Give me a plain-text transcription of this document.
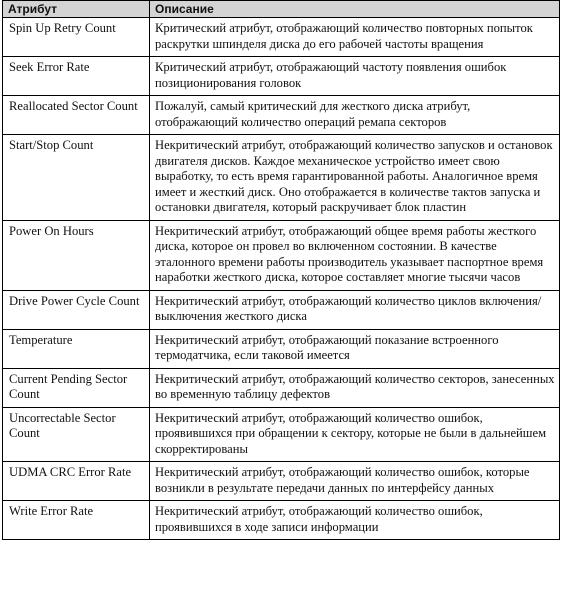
Атрибут	Описание
Spin Up Retry Count	Критический атрибут, отображающий количество повторных попыток раскрутки шпинделя диска до его рабочей частоты вращения
Seek Error Rate	Критический атрибут, отображающий частоту появления ошибок позиционирования головок
Reallocated Sector Count	Пожалуй, самый критический для жесткого диска атрибут, отображающий количество операций ремапа секторов
Start/Stop Count	Некритический атрибут, отображающий количество запусков и остановок двигателя дисков. Каждое механическое устройство имеет свою выработку, то есть время гарантированной работы. Аналогичное время имеет и жесткий диск. Оно отображается в количестве тактов запуска и остановки двигателя, который раскручивает блок пластин
Power On Hours	Некритический атрибут, отображающий общее время работы жесткого диска, которое он провел во включенном состоянии. В качестве эталонного времени работы производитель указывает паспортное время наработки жесткого диска, которое составляет многие тысячи часов
Drive Power Cycle Count	Некритический атрибут, отображающий количество циклов включения/выключения жесткого диска
Temperature	Некритический атрибут, отображающий показание встроенного термодатчика, если таковой имеется
Current Pending Sector Count	Некритический атрибут, отображающий количество секторов, занесенных во временную таблицу дефектов
Uncorrectable Sector Count	Некритический атрибут, отображающий количество ошибок, проявившихся при обращении к сектору, которые не были в дальнейшем скорректированы
UDMA CRC Error Rate	Некритический атрибут, отображающий количество ошибок, которые возникли в результате передачи данных по интерфейсу данных
Write Error Rate	Некритический атрибут, отображающий количество ошибок, проявившихся в ходе записи информации
